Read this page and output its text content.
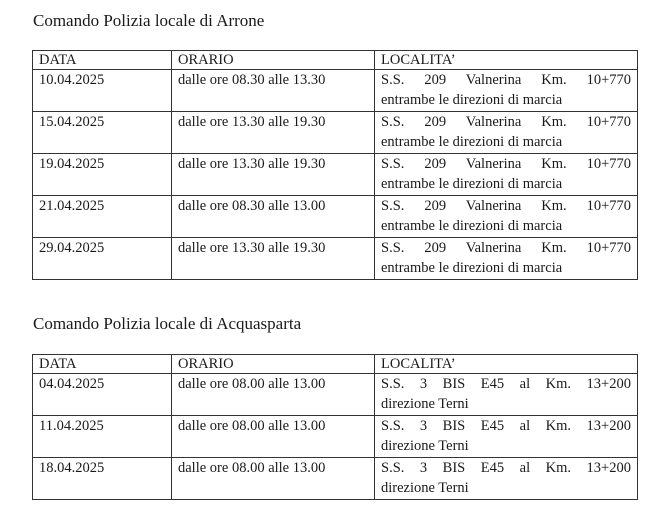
Comando Polizia locale di Arrone
DATA	ORARIO	LOCALITA’
10.04.2025	dalle ore 08.30 alle 13.30	S.S. 209 Valnerina Km. 10+770
entrambe le direzioni di marcia

15.04.2025	dalle ore 13.30 alle 19.30	S.S. 209 Valnerina Km. 10+770
entrambe le direzioni di marcia

19.04.2025	dalle ore 13.30 alle 19.30	S.S. 209 Valnerina Km. 10+770
entrambe le direzioni di marcia

21.04.2025	dalle ore 08.30 alle 13.00	S.S. 209 Valnerina Km. 10+770
entrambe le direzioni di marcia

29.04.2025	dalle ore 13.30 alle 19.30	S.S. 209 Valnerina Km. 10+770
entrambe le direzioni di marcia
Comando Polizia locale di Acquasparta
DATA	ORARIO	LOCALITA’
04.04.2025	dalle ore 08.00 alle 13.00	S.S. 3 BIS E45 al Km. 13+200
direzione Terni

11.04.2025	dalle ore 08.00 alle 13.00	S.S. 3 BIS E45 al Km. 13+200
direzione Terni

18.04.2025	dalle ore 08.00 alle 13.00	S.S. 3 BIS E45 al Km. 13+200
direzione Terni
